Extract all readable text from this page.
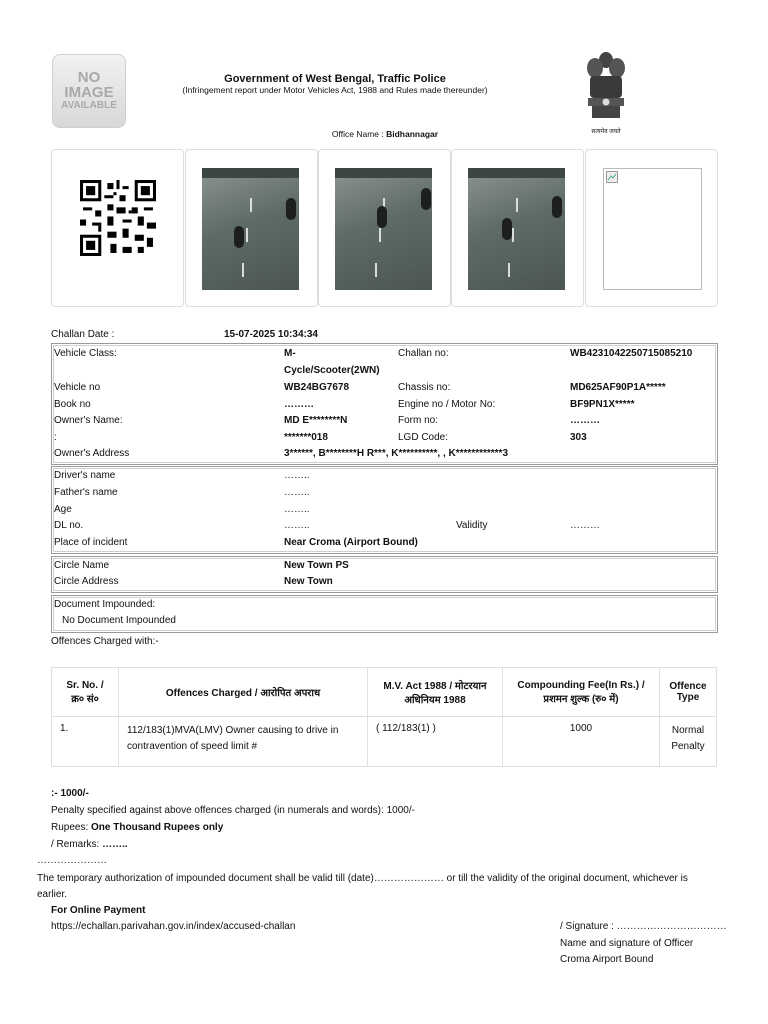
NO
IMAGE
AVAILABLE
Government of West Bengal, Traffic Police
(Infringement report under Motor Vehicles Act, 1988 and Rules made thereunder)
सत्यमेव जयते
Office Name : Bidhannagar
Challan Date :	15-07-2025 10:34:34
Vehicle Class:	M-
Cycle/Scooter(2WN)
Challan no:	WB4231042250715085210
Vehicle no	WB24BG7678	Chassis no:	MD625AF90P1A*****
Book no	………	Engine no / Motor No:	BF9PN1X*****
Owner's Name:	MD E********N	Form no:	………
:	*******018	LGD Code:	303
Owner's Address	3******, B********H R***, K**********, , K************3
Driver's name	……..
Father's name	……..
Age	……..
DL no.	……..	Validity	………
Place of incident	Near Croma (Airport Bound)
Circle Name	New Town PS
Circle Address	New Town
Document Impounded:
No Document Impounded
Offences Charged with:-
Sr. No. / क्र० सं०	Offences Charged / आरोपित अपराध	M.V. Act 1988 / मोटरयान अधिनियम 1988	Compounding Fee(In Rs.) / प्रशमन शुल्क (रु० में)	Offence Type
1.	112/183(1)MVA(LMV) Owner causing to drive in contravention of speed limit #	( 112/183(1) )	1000	Normal Penalty
:- 1000/-
Penalty specified against above offences charged (in numerals and words): 1000/-
Rupees: One Thousand Rupees only
/ Remarks: ……..
…………………
The temporary authorization of impounded document shall be valid till (date)………………… or till the validity of the original document, whichever is earlier.
For Online Payment
https://echallan.parivahan.gov.in/index/accused-challan	/ Signature : ……………………………
Name and signature of Officer
Croma Airport Bound
